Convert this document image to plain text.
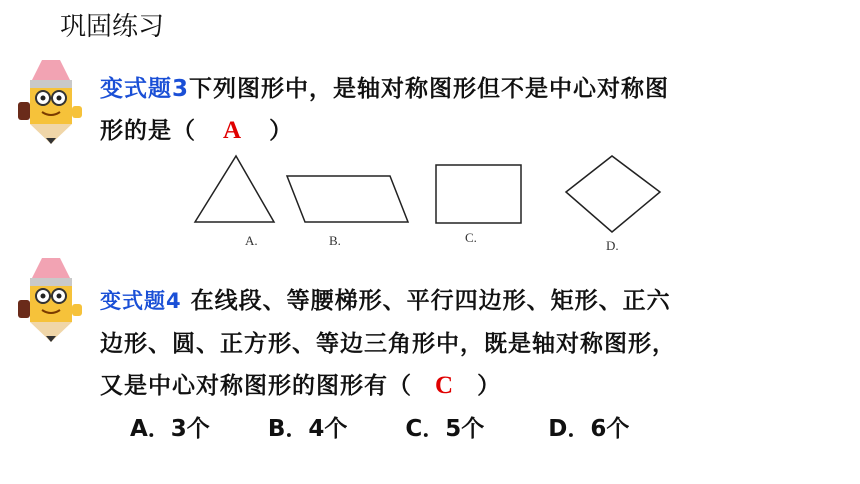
巩固练习
变式题3下列图形中，是轴对称图形但不是中心对称图
形的是（ A ）
A.	B.	C.
D.
变式题4 在线段、等腰梯形、平行四边形、矩形、正六
边形、圆、正方形、等边三角形中，既是轴对称图形，
又是中心对称图形的图形有（ C ）
A．3个	B．4个	C．5个	D．6个
